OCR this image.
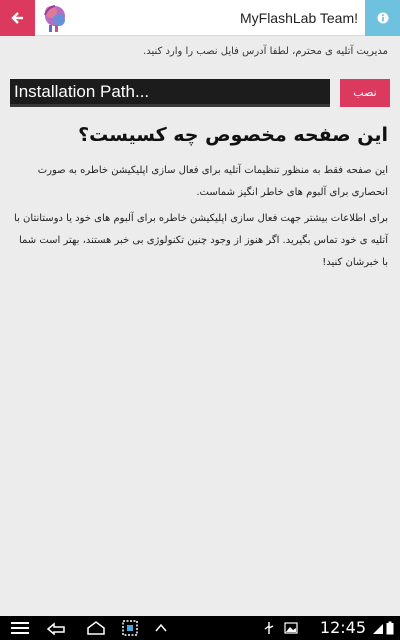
MyFlashLab Team!
مدیریت آتلیه ی محترم، لطفا آدرس فایل نصب را وارد کنید.
Installation Path...
نصب
این صفحه مخصوص چه کسیست؟
این صفحه فقط به منظور تنظیمات آتلیه برای فعال سازی اپلیکیشن خاطره به صورت انحصاری برای آلبوم های خاطر انگیز شماست.
برای اطلاعات بیشتر جهت فعال سازی اپلیکیشن خاطره برای آلبوم های خود یا دوستانتان با آتلیه ی خود تماس بگیرید. اگر هنوز از وجود چنین تکنولوژی بی خبر هستند، بهتر است شما با خبرشان کنید!
12:45
